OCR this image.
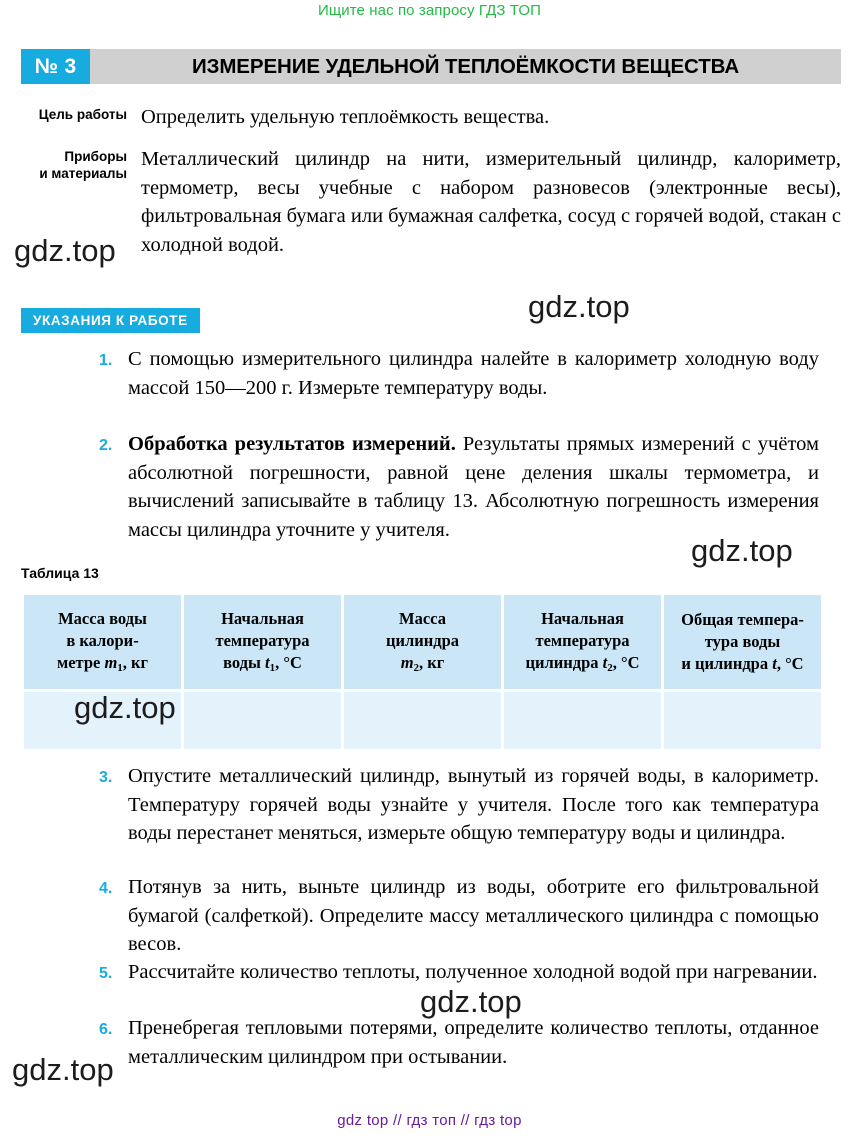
Ищите нас по запросу ГДЗ ТОП
№
3	ИЗМЕРЕНИЕ УДЕЛЬНОЙ ТЕПЛОЁМКОСТИ ВЕЩЕСТВА
Цель работы Определить удельную теплоёмкость вещества.
Приборы
и материалы
Металлический цилиндр на нити, измерительный цилиндр, калориметр, термометр, весы учебные с набором разновесов (электронные весы), фильтровальная бумага или бумажная салфетка, сосуд с горячей водой, стакан с холодной водой.
УКАЗАНИЯ К РАБОТЕ
1. С помощью измерительного цилиндра налейте в калориметр холодную воду массой 150—200 г. Измерьте температуру воды.
2. Обработка результатов измерений. Результаты прямых измерений с учётом абсолютной погрешности, равной цене деления шкалы термометра, и вычислений записывайте в таблицу 13. Абсолютную погрешность измерения массы цилиндра уточните у учителя.
Таблица 13
Масса воды
в калори-
метре $m_1$, кг	Начальная
температура
воды $t_1$, °C	Масса
цилиндра
$m_2$, кг	Начальная
температура
цилиндра $t_2$, °C	Общая темпера-
тура воды
и цилиндра t, °C

3. Опустите металлический цилиндр, вынутый из горячей воды, в калориметр. Температуру горячей воды узнайте у учителя. После того как температура воды перестанет меняться, измерьте общую температуру воды и цилиндра.
4. Потянув за нить, выньте цилиндр из воды, оботрите его фильтровальной бумагой (салфеткой). Определите массу металлического цилиндра с помощью весов.
5. Рассчитайте количество теплоты, полученное холодной водой при нагревании.
6. Пренебрегая тепловыми потерями, определите количество теплоты, отданное металлическим цилиндром при остывании.
gdz.top
gdz.top
gdz.top
gdz.top
gdz.top
gdz.top
gdz top // гдз топ // гдз top
